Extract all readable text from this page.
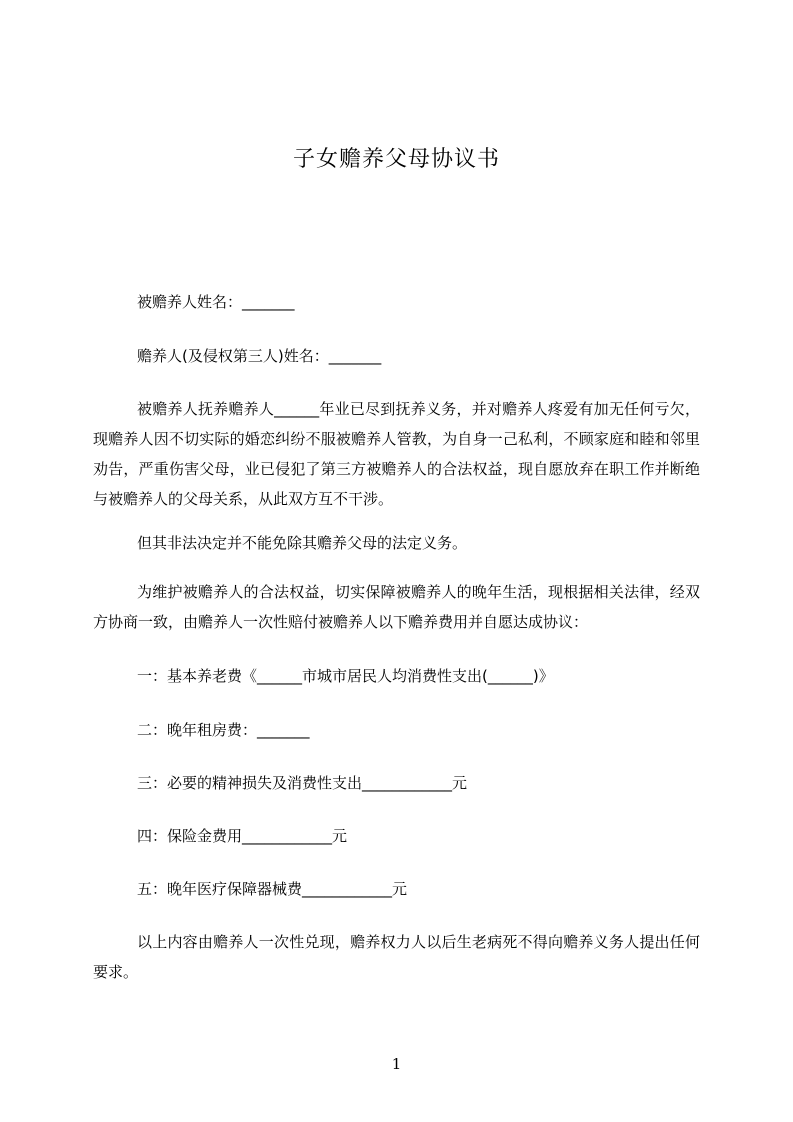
子女赡养父母协议书
被赡养人姓名：_______
赡养人(及侵权第三人)姓名：_______
被赡养人抚养赡养人______年业已尽到抚养义务，并对赡养人疼爱有加无任何亏欠，现赡养人因不切实际的婚恋纠纷不服被赡养人管教，为自身一己私利，不顾家庭和睦和邻里劝告，严重伤害父母，业已侵犯了第三方被赡养人的合法权益，现自愿放弃在职工作并断绝与被赡养人的父母关系，从此双方互不干涉。
但其非法决定并不能免除其赡养父母的法定义务。
为维护被赡养人的合法权益，切实保障被赡养人的晚年生活，现根据相关法律，经双方协商一致，由赡养人一次性赔付被赡养人以下赡养费用并自愿达成协议：
一：基本养老费《______市城市居民人均消费性支出(______)》
二：晚年租房费：_______
三：必要的精神损失及消费性支出____________元
四：保险金费用____________元
五：晚年医疗保障器械费____________元
以上内容由赡养人一次性兑现，赡养权力人以后生老病死不得向赡养义务人提出任何要求。
1
